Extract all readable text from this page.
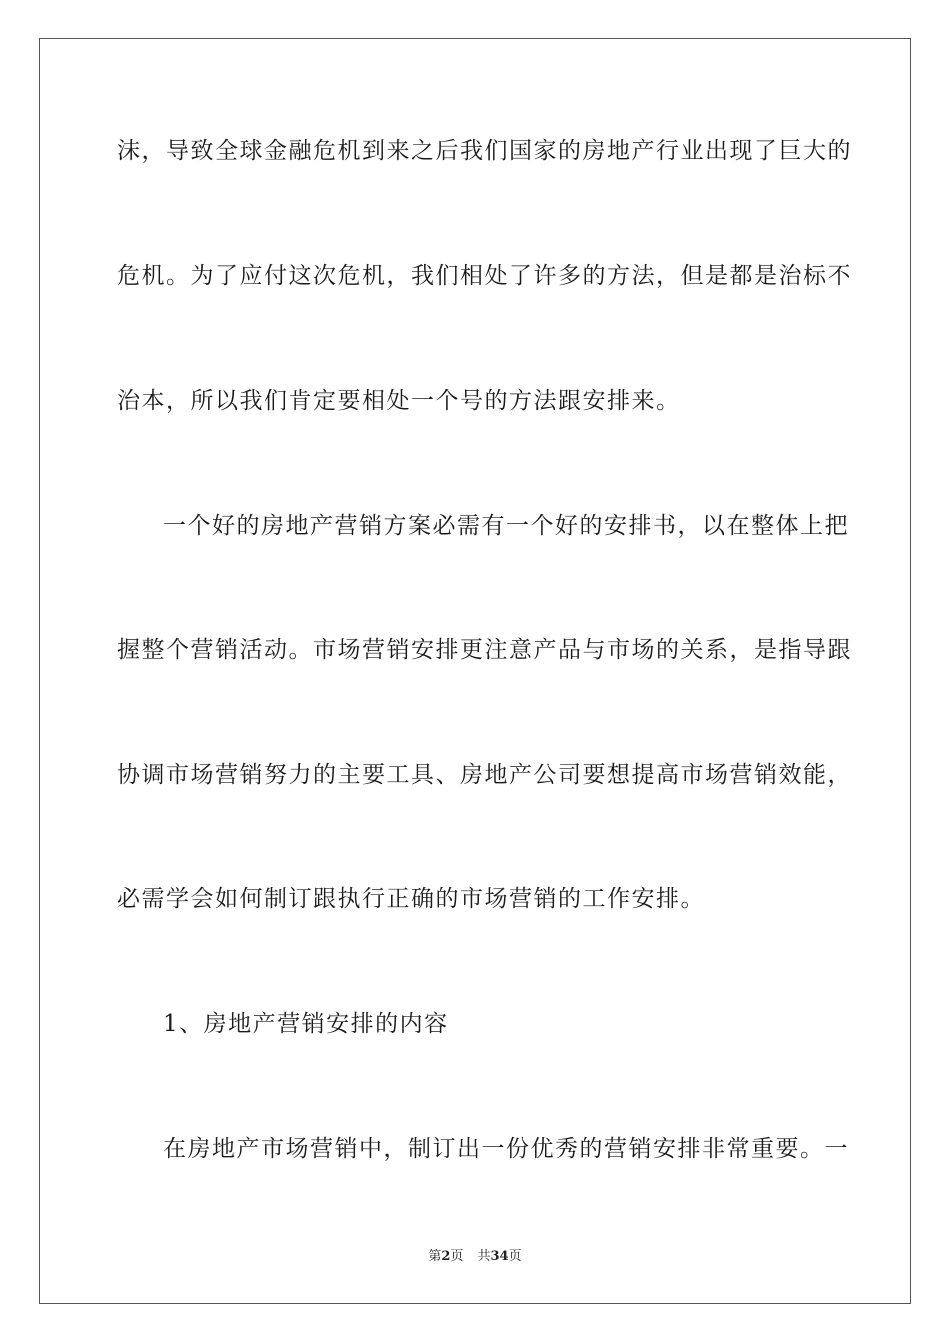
沫，导致全球金融危机到来之后我们国家的房地产行业出现了巨大的
危机。为了应付这次危机，我们相处了许多的方法，但是都是治标不
治本，所以我们肯定要相处一个号的方法跟安排来。
一个好的房地产营销方案必需有一个好的安排书，以在整体上把
握整个营销活动。市场营销安排更注意产品与市场的关系，是指导跟
协调市场营销努力的主要工具、房地产公司要想提高市场营销效能，
必需学会如何制订跟执行正确的市场营销的工作安排。
1、房地产营销安排的内容
在房地产市场营销中，制订出一份优秀的营销安排非常重要。一
第2页 共34页
